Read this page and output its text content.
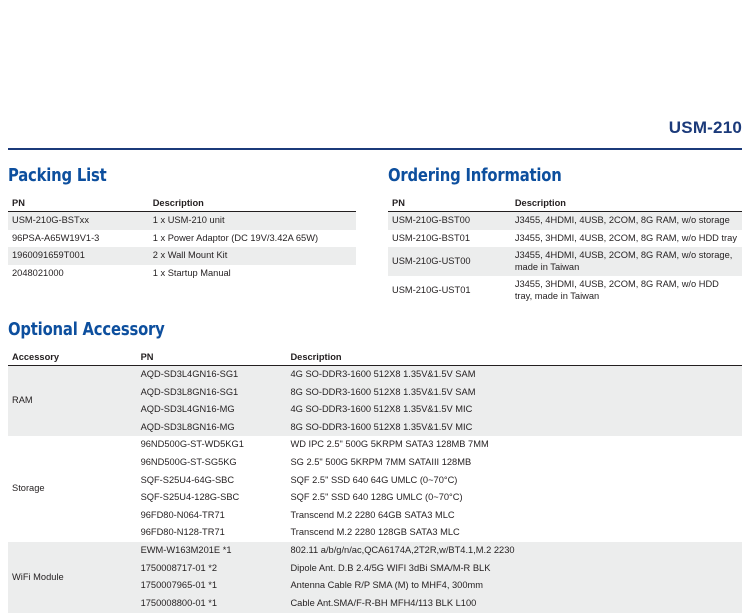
USM-210
Packing List
PN	Description
USM-210G-BSTxx	1 x USM-210 unit
96PSA-A65W19V1-3	1 x Power Adaptor (DC 19V/3.42A 65W)
1960091659T001	2 x Wall Mount Kit
2048021000	1 x Startup Manual
Ordering Information
PN	Description
USM-210G-BST00	J3455, 4HDMI, 4USB, 2COM, 8G RAM, w/o storage
USM-210G-BST01	J3455, 3HDMI, 4USB, 2COM, 8G RAM, w/o HDD tray
USM-210G-UST00	J3455, 4HDMI, 4USB, 2COM, 8G RAM, w/o storage, made in Taiwan
USM-210G-UST01	J3455, 3HDMI, 4USB, 2COM, 8G RAM, w/o HDD tray, made in Taiwan
Optional Accessory
Accessory	PN	Description
RAM	AQD-SD3L4GN16-SG1	4G SO-DDR3-1600 512X8 1.35V&1.5V SAM
	AQD-SD3L8GN16-SG1	8G SO-DDR3-1600 512X8 1.35V&1.5V SAM
	AQD-SD3L4GN16-MG	4G SO-DDR3-1600 512X8 1.35V&1.5V MIC
	AQD-SD3L8GN16-MG	8G SO-DDR3-1600 512X8 1.35V&1.5V MIC
Storage	96ND500G-ST-WD5KG1	WD IPC 2.5" 500G 5KRPM SATA3 128MB 7MM
	96ND500G-ST-SG5KG	SG 2.5" 500G 5KRPM 7MM SATAIII 128MB
	SQF-S25U4-64G-SBC	SQF 2.5" SSD 640 64G UMLC (0~70°C)
	SQF-S25U4-128G-SBC	SQF 2.5" SSD 640 128G UMLC (0~70°C)
	96FD80-N064-TR71	Transcend M.2 2280 64GB SATA3 MLC
	96FD80-N128-TR71	Transcend M.2 2280 128GB SATA3 MLC
WiFi Module	EWM-W163M201E *1	802.11 a/b/g/n/ac,QCA6174A,2T2R,w/BT4.1,M.2 2230
	1750008717-01 *2	Dipole Ant. D.B 2.4/5G WIFI 3dBi SMA/M-R BLK
	1750007965-01 *1	Antenna Cable R/P SMA (M) to MHF4, 300mm
	1750008800-01 *1	Cable Ant.SMA/F-R-BH MFH4/113 BLK L100
